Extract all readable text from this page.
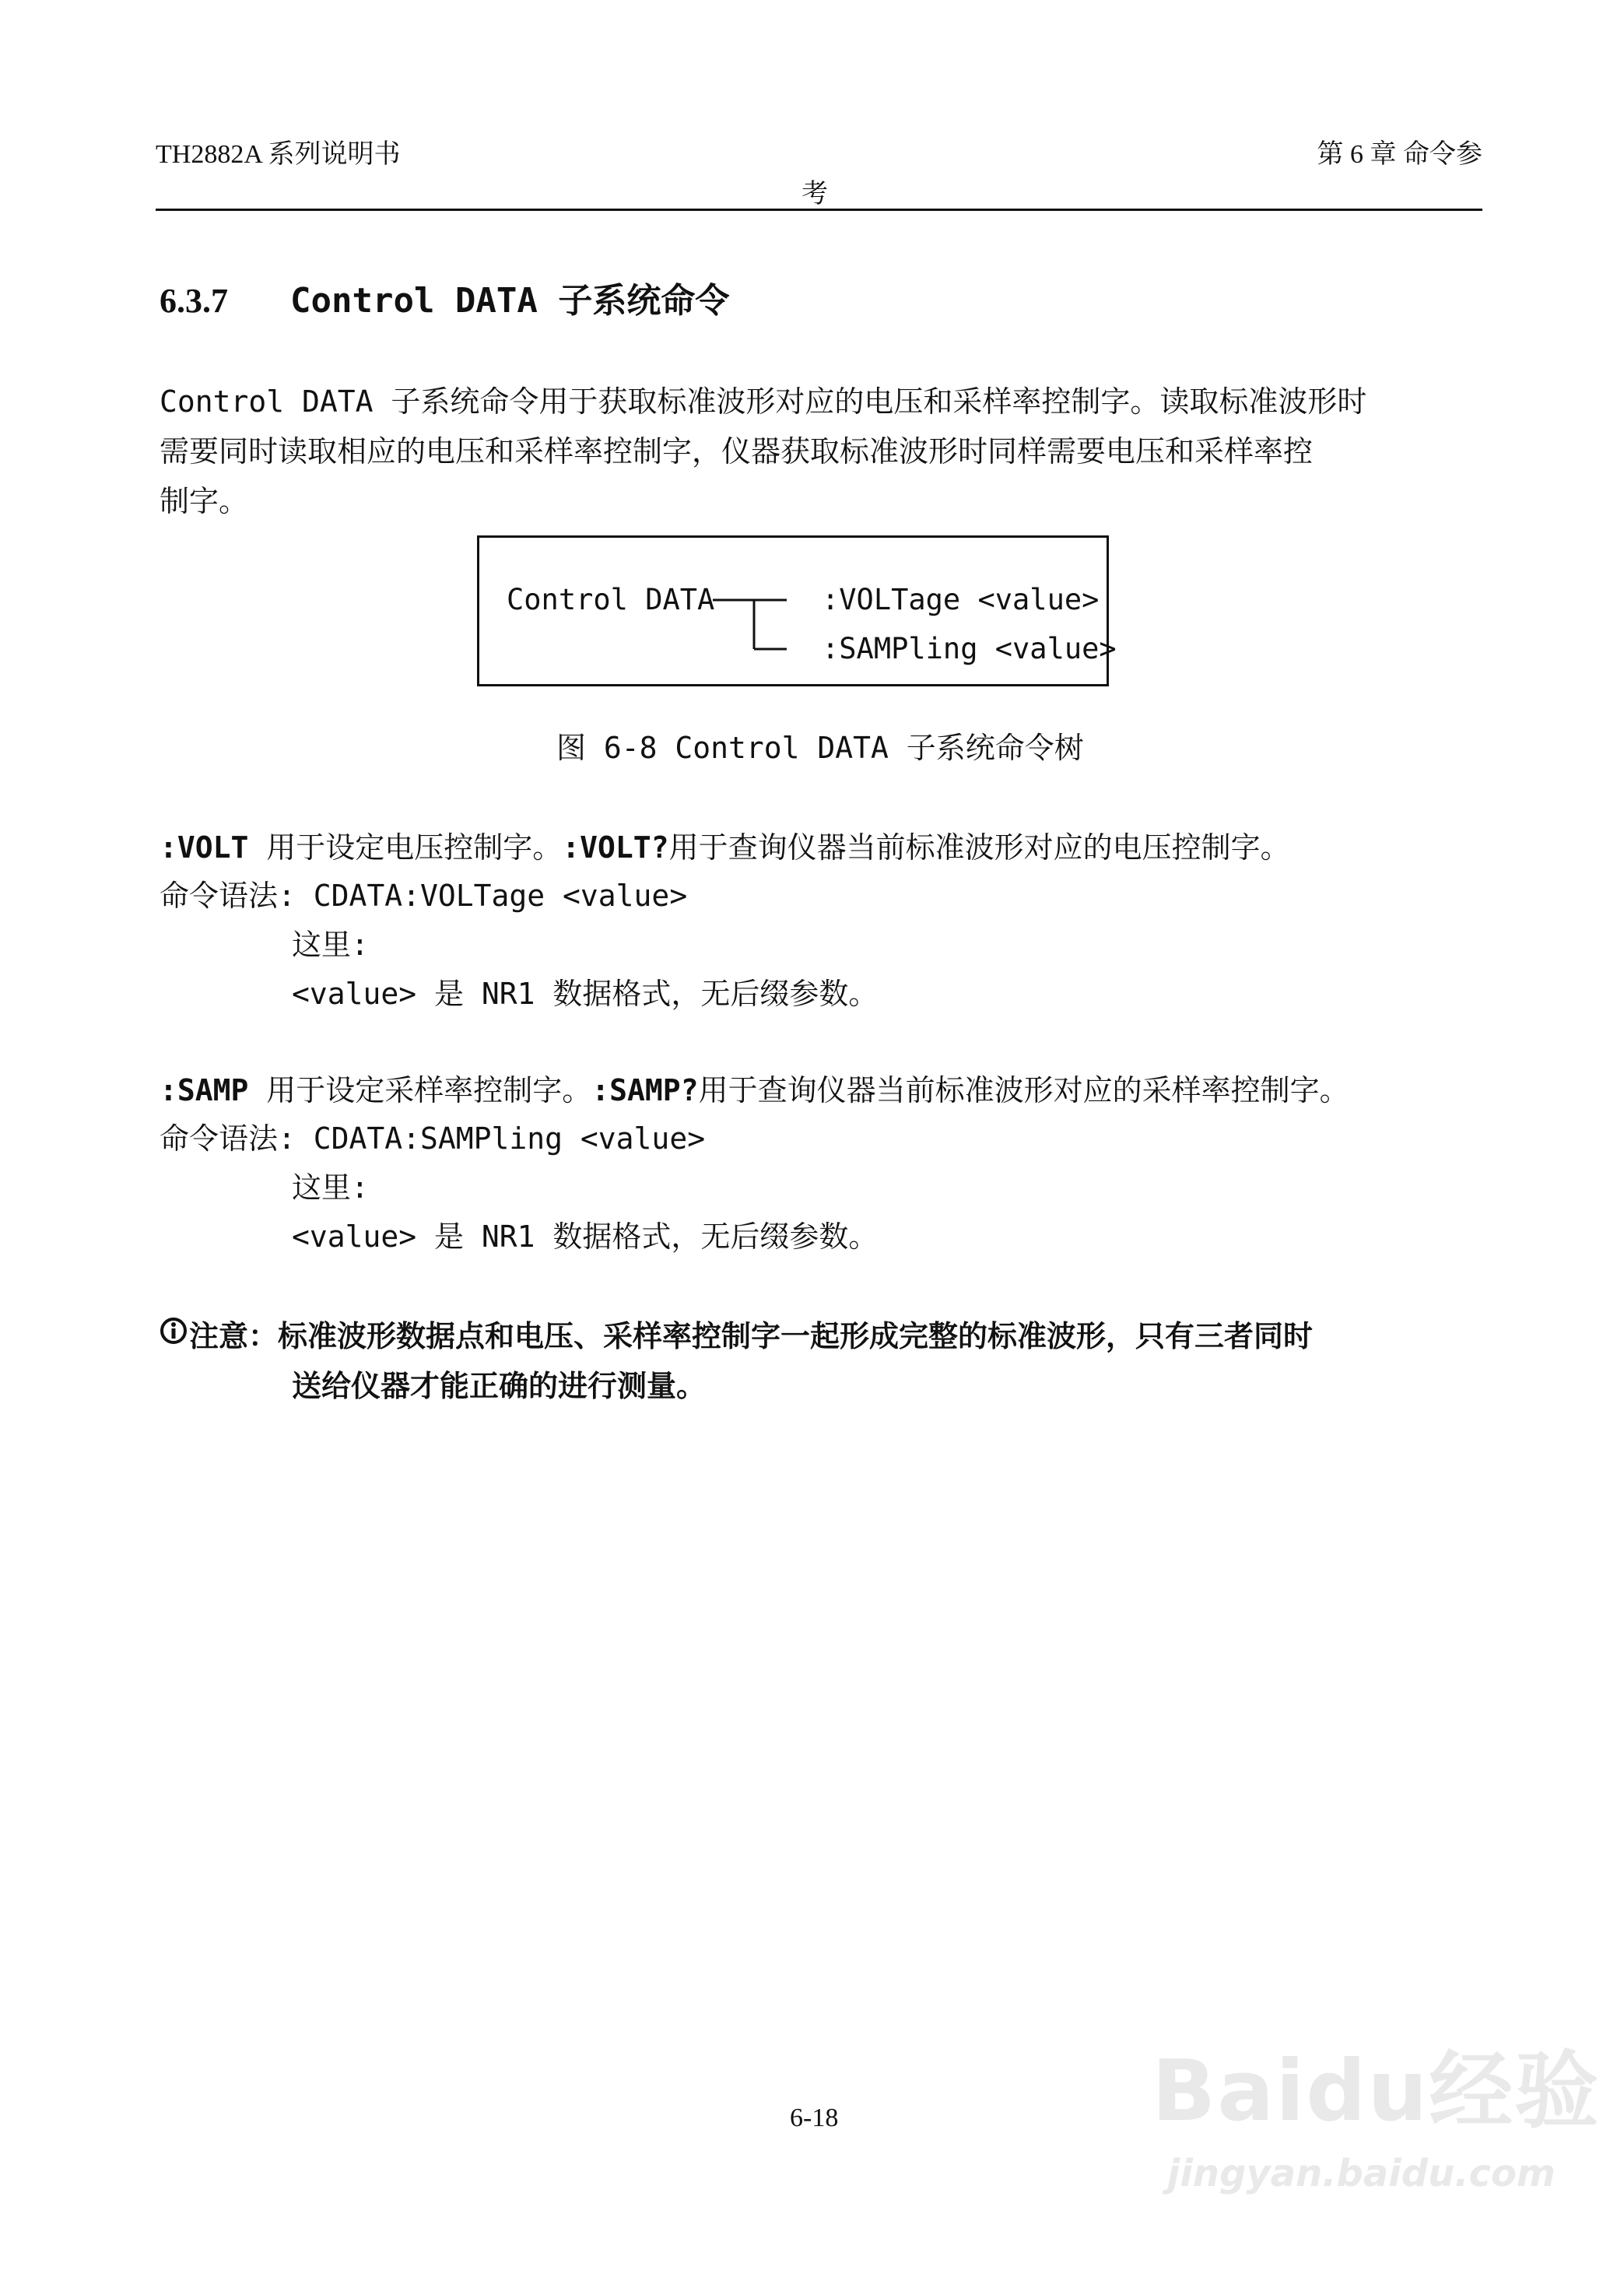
TH2882A 系列说明书	第 6 章 命令参
考
6.3.7 Control DATA 子系统命令
Control DATA 子系统命令用于获取标准波形对应的电压和采样率控制字。读取标准波形时
需要同时读取相应的电压和采样率控制字，仪器获取标准波形时同样需要电压和采样率控
制字。
Control DATA	:VOLTage <value>
:SAMPling <value>
图 6-8 Control DATA 子系统命令树
:VOLT 用于设定电压控制字。:VOLT?用于查询仪器当前标准波形对应的电压控制字。
命令语法: CDATA:VOLTage <value>
这里:
<value> 是 NR1 数据格式，无后缀参数。
:SAMP 用于设定采样率控制字。:SAMP?用于查询仪器当前标准波形对应的采样率控制字。
命令语法: CDATA:SAMPling <value>
这里:
<value> 是 NR1 数据格式，无后缀参数。
注意：标准波形数据点和电压、采样率控制字一起形成完整的标准波形，只有三者同时
送给仪器才能正确的进行测量。
6-18	Baidu经验
jingyan.baidu.com
